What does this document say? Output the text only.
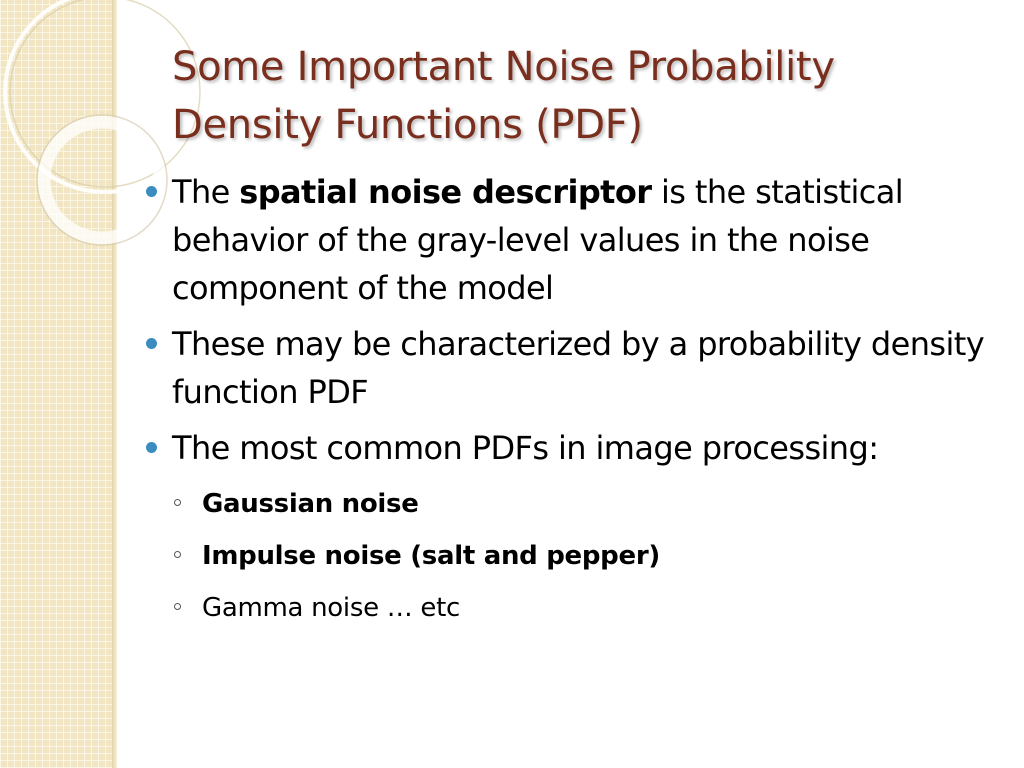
Some Important Noise Probability Density Functions (PDF)
The spatial noise descriptor is the statistical behavior of the gray-level values in the noise component of the model
These may be characterized by a probability density function PDF
The most common PDFs in image processing:
Gaussian noise
Impulse noise (salt and pepper)
Gamma noise … etc
